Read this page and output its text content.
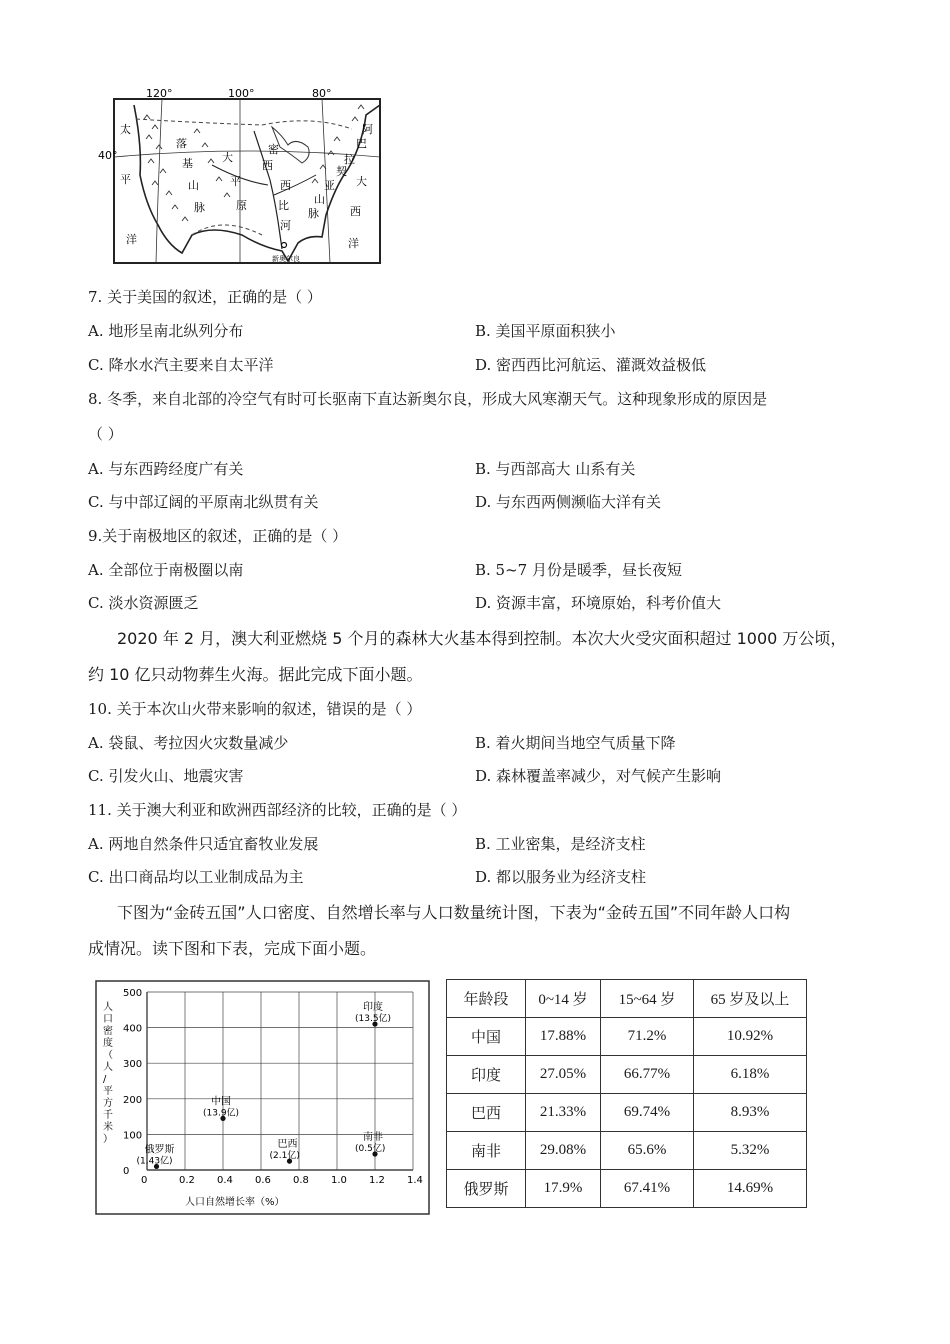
120°	100°	80°
40°
太
平
洋
落
基
山
脉
大
平
原
密
西
西
比
河
阿
巴
拉
契
亚
山
脉
大
西
洋
新奥尔良
7. 关于美国的叙述，正确的是（ ）
A. 地形呈南北纵列分布	B. 美国平原面积狭小
C. 降水水汽主要来自太平洋	D. 密西西比河航运、灌溉效益极低
8. 冬季，来自北部的冷空气有时可长驱南下直达新奥尔良，形成大风寒潮天气。这种现象形成的原因是
（ ）
A. 与东西跨经度广有关	B. 与西部高大 山系有关
C. 与中部辽阔的平原南北纵贯有关	D. 与东西两侧濒临大洋有关
9.关于南极地区的叙述，正确的是（ ）
A. 全部位于南极圈以南	B. 5~7 月份是暖季，昼长夜短
C. 淡水资源匮乏	D. 资源丰富，环境原始，科考价值大
2020 年 2 月，澳大利亚燃烧 5 个月的森林大火基本得到控制。本次大火受灾面积超过 1000 万公顷，
约 10 亿只动物葬生火海。据此完成下面小题。
10. 关于本次山火带来影响的叙述，错误的是（ ）
A. 袋鼠、考拉因火灾数量减少	B. 着火期间当地空气质量下降
C. 引发火山、地震灾害	D. 森林覆盖率减少，对气候产生影响
11. 关于澳大利亚和欧洲西部经济的比较，正确的是（ ）
A. 两地自然条件只适宜畜牧业发展	B. 工业密集，是经济支柱
C. 出口商品均以工业制成品为主	D. 都以服务业为经济支柱
下图为“金砖五国”人口密度、自然增长率与人口数量统计图，下表为“金砖五国”不同年龄人口构
成情况。读下图和下表，完成下面小题。
0	0.2 0.4 0.6 0.8 1.0 1.2 1.4
0
100
200
300
400
500
印度
(13.5亿)
中国
(13.9亿)
巴西
(2.1亿)
南非
(0.5亿)
俄罗斯
(1.43亿)
人口自然增长率（%）
人
口
密
度
（
人
/
平
方
千
米
）
年龄段	0~14 岁	15~64 岁	65 岁及以上
中国	17.88%	71.2%	10.92%
印度	27.05%	66.77%	6.18%
巴西	21.33%	69.74%	8.93%
南非	29.08%	65.6%	5.32%
俄罗斯	17.9%	67.41%	14.69%
